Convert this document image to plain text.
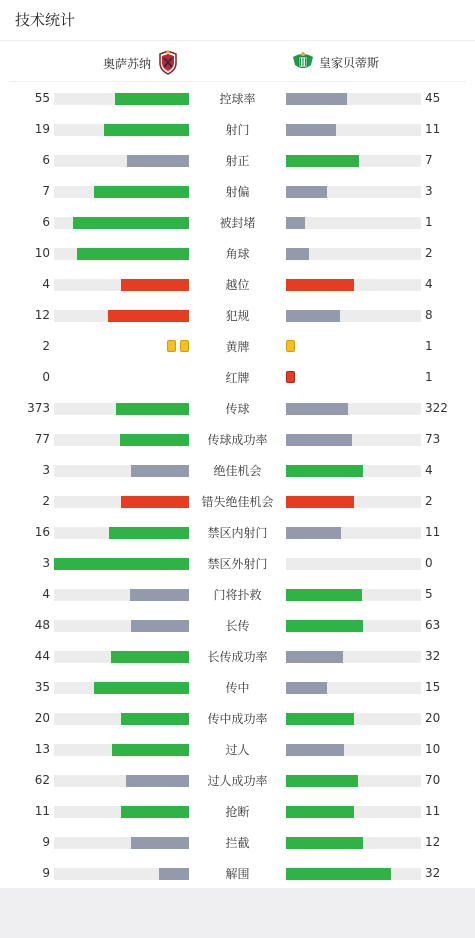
技术统计
奥萨苏纳	皇家贝蒂斯
55	控球率	45
19	射门	11
6	射正	7
7	射偏	3
6	被封堵	1
10	角球	2
4	越位	4
12	犯规	8
2	黄牌	1
0	红牌	1
373	传球	322
77	传球成功率	73
3	绝佳机会	4
2	错失绝佳机会	2
16	禁区内射门	11
3	禁区外射门	0
4	门将扑救	5
48	长传	63
44	长传成功率	32
35	传中	15
20	传中成功率	20
13	过人	10
62	过人成功率	70
11	抢断	11
9	拦截	12
9	解围	32
